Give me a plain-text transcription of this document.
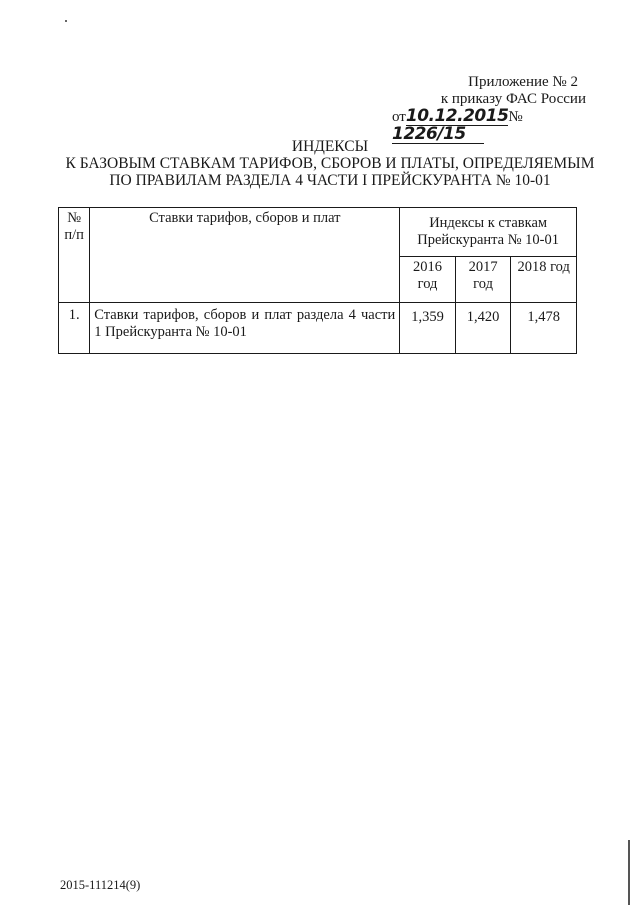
Приложение № 2
к приказу ФАС России
от10.12.2015№1226/15
ИНДЕКСЫ
К БАЗОВЫМ СТАВКАМ ТАРИФОВ, СБОРОВ И ПЛАТЫ, ОПРЕДЕЛЯЕМЫМ
ПО ПРАВИЛАМ РАЗДЕЛА 4 ЧАСТИ I ПРЕЙСКУРАНТА № 10-01
№ п/п	Ставки тарифов, сборов и плат	Индексы к ставкам Прейскуранта № 10-01		
		2016 год	2017 год	2018 год
1.	Ставки тарифов, сборов и плат раздела 4 части 1 Прейскуранта № 10-01	1,359	1,420	1,478
2015-111214(9)
